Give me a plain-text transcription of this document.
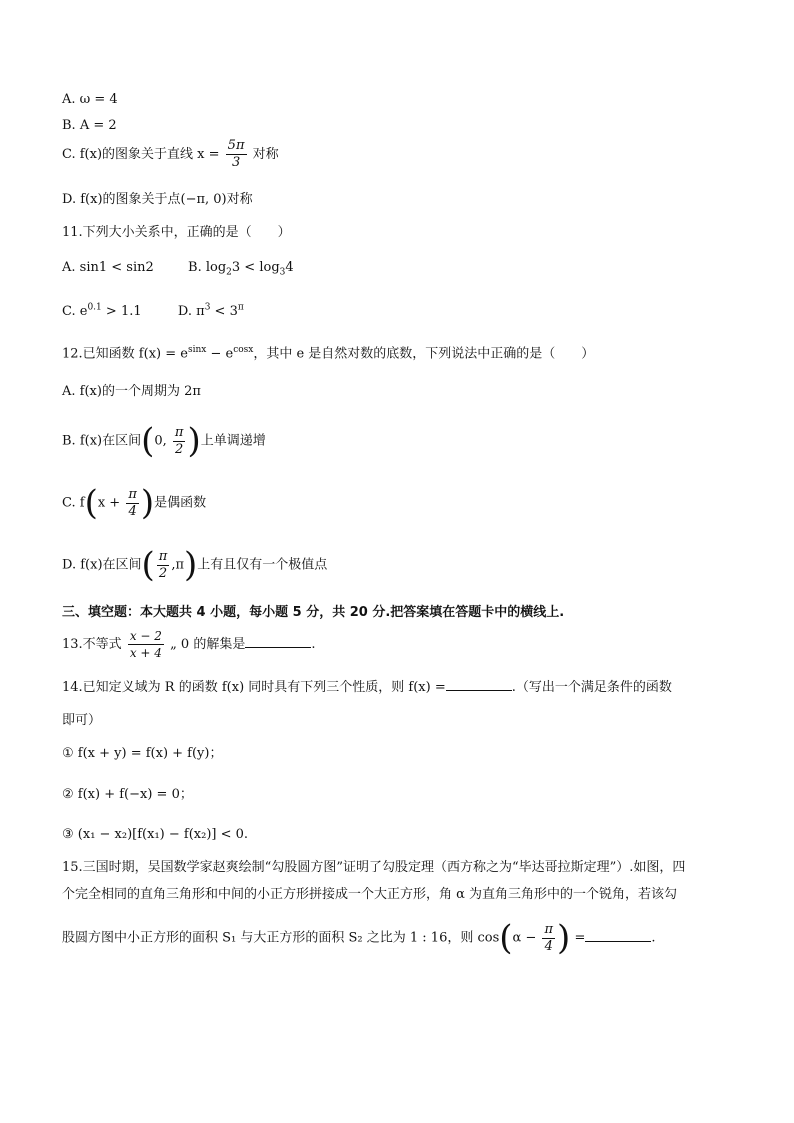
A. ω = 4
B. A = 2
C. f(x)的图象关于直线 $x = \frac{5\pi}{3}$ 对称
D. f(x)的图象关于点(−π, 0)对称
11.下列大小关系中，正确的是（　　）
A. sin1 < sin2	B. $\log_23 < \log_34$
C. $e^{0.1} > 1.1$	D. $\pi^3 < 3^\pi$
12.已知函数 $f(x) = e^{sinx} - e^{cosx}$，其中 e 是自然对数的底数，下列说法中正确的是（　　）
A. f(x)的一个周期为 2π
B. f(x)在区间(0, $\frac{\pi}{2}$ )上单调递增
C. $f(x + \frac{\pi}{4}$ )是偶函数
D. f(x)在区间( $\frac{\pi}{2} ,\pi$)上有且仅有一个极值点
三、填空题：本大题共 4 小题，每小题 5 分，共 20 分.把答案填在答题卡中的横线上.
13.不等式 $\frac{x - 2}{x + 4}$ „ 0 的解集是	.
14.已知定义域为 R 的函数 f(x) 同时具有下列三个性质，则 f(x) =	.（写出一个满足条件的函数
即可）
① f(x + y) = f(x) + f(y)；
② f(x) + f(−x) = 0；
③ (x₁ − x₂)[f(x₁) − f(x₂)] < 0.
15.三国时期，吴国数学家赵爽绘制“勾股圆方图”证明了勾股定理（西方称之为“毕达哥拉斯定理”）.如图，四
个完全相同的直角三角形和中间的小正方形拼接成一个大正方形，角 α 为直角三角形中的一个锐角，若该勾
股圆方图中小正方形的面积 S₁ 与大正方形的面积 S₂ 之比为 1 : 16，则 $\cos(\alpha - \frac{\pi}{4}$ ) =	.
